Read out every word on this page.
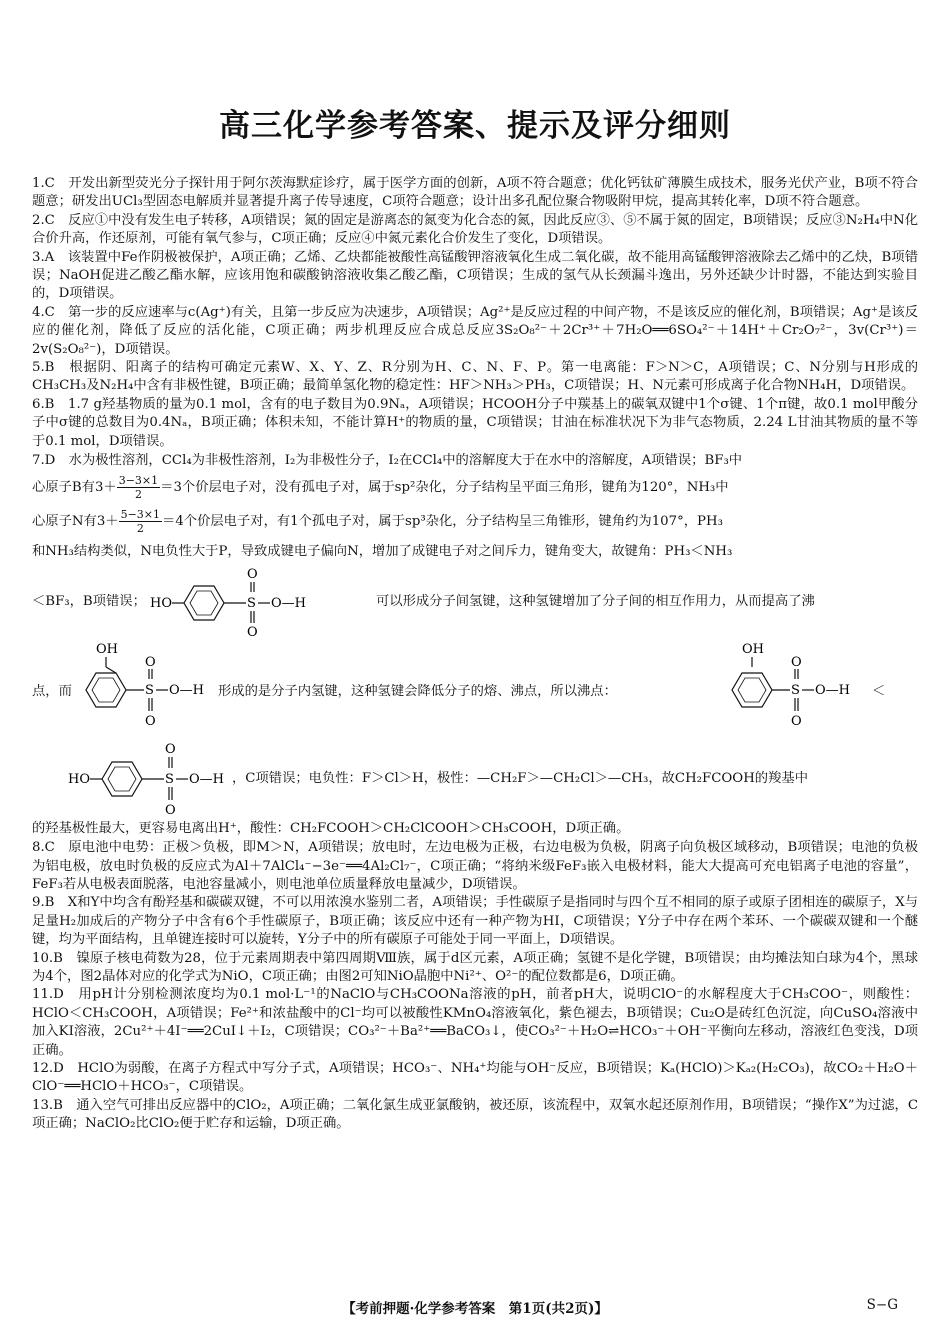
高三化学参考答案、提示及评分细则

1.C　开发出新型荧光分子探针用于阿尔茨海默症诊疗，属于医学方面的创新，A项不符合题意；优化钙钛矿薄膜生成技术，服务光伏产业，B项不符合题意；研发出UCl₃型固态电解质并显著提升离子传导速度，C项符合题意；设计出多孔配位聚合物吸附甲烷，提高其转化率，D项不符合题意。

2.C　反应①中没有发生电子转移，A项错误；氮的固定是游离态的氮变为化合态的氮，因此反应③、⑤不属于氮的固定，B项错误；反应③N₂H₄中N化合价升高，作还原剂，可能有氧气参与，C项正确；反应④中氮元素化合价发生了变化，D项错误。

3.A　该装置中Fe作阴极被保护，A项正确；乙烯、乙炔都能被酸性高锰酸钾溶液氧化生成二氧化碳，故不能用高锰酸钾溶液除去乙烯中的乙炔，B项错误；NaOH促进乙酸乙酯水解，应该用饱和碳酸钠溶液收集乙酸乙酯，C项错误；生成的氢气从长颈漏斗逸出，另外还缺少计时器，不能达到实验目的，D项错误。

4.C　第一步的反应速率与c(Ag⁺)有关，且第一步反应为决速步，A项错误；Ag²⁺是反应过程的中间产物，不是该反应的催化剂，B项错误；Ag⁺是该反应的催化剂，降低了反应的活化能，C项正确；两步机理反应合成总反应3S₂O₈²⁻＋2Cr³⁺＋7H₂O══6SO₄²⁻＋14H⁺＋Cr₂O₇²⁻，3v(Cr³⁺)＝2v(S₂O₈²⁻)，D项错误。

5.B　根据阴、阳离子的结构可确定元素W、X、Y、Z、R分别为H、C、N、F、P。第一电离能：F＞N＞C，A项错误；C、N分别与H形成的CH₃CH₃及N₂H₄中含有非极性键，B项正确；最简单氢化物的稳定性：HF＞NH₃＞PH₃，C项错误；H、N元素可形成离子化合物NH₄H，D项错误。

6.B　1.7 g羟基物质的量为0.1 mol，含有的电子数目为0.9Nₐ，A项错误；HCOOH分子中羰基上的碳氧双键中1个σ键、1个π键，故0.1 mol甲酸分子中σ键的总数目为0.4Nₐ，B项正确；体积未知，不能计算H⁺的物质的量，C项错误；甘油在标准状况下为非气态物质，2.24 L甘油其物质的量不等于0.1 mol，D项错误。

7.D　水为极性溶剂，CCl₄为非极性溶剂，I₂为非极性分子，I₂在CCl₄中的溶解度大于在水中的溶解度，A项错误；BF₃中
心原子B有$3+ \frac{3-3\times 1}{2} =3$个价层电子对，没有孤电子对，属于sp²杂化，分子结构呈平面三角形，键角为120°，NH₃中
心原子N有$3+ \frac{5-3\times 1}{2} =4$个价层电子对，有1个孤电子对，属于sp³杂化，分子结构呈三角锥形，键角约为107°，PH₃
和NH₃结构类似，N电负性大于P，导致成键电子偏向N，增加了成键电子对之间斥力，键角变大，故键角：PH₃＜NH₃
＜BF₃，B项错误； HO	S
O
O
O—H	可以形成分子间氢键，这种氢键增加了分子间的相互作用力，从而提高了沸
点，而
OH
S
O
O
O—H 形成的是分子内氢键，这种氢键会降低分子的熔、沸点，所以沸点：
OH
S
O
O
O—H ＜
HO	S
O
O
O—H ，C项错误；电负性：F＞Cl＞H，极性：—CH₂F＞—CH₂Cl＞—CH₃，故CH₂FCOOH的羧基中
的羟基极性最大，更容易电离出H⁺，酸性：CH₂FCOOH＞CH₂ClCOOH＞CH₃COOH，D项正确。

8.C　原电池中电势：正极＞负极，即M＞N，A项错误；放电时，左边电极为正极，右边电极为负极，阴离子向负极区域移动，B项错误；电池的负极为铝电极，放电时负极的反应式为Al＋7AlCl₄⁻−3e⁻══4Al₂Cl₇⁻，C项正确；“将纳米级FeF₃嵌入电极材料，能大大提高可充电铝离子电池的容量”，FeF₃若从电极表面脱落，电池容量减小，则电池单位质量释放电量减少，D项错误。

9.B　X和Y中均含有酚羟基和碳碳双键，不可以用浓溴水鉴别二者，A项错误；手性碳原子是指同时与四个互不相同的原子或原子团相连的碳原子，X与足量H₂加成后的产物分子中含有6个手性碳原子，B项正确；该反应中还有一种产物为HI，C项错误；Y分子中存在两个苯环、一个碳碳双键和一个醚键，均为平面结构，且单键连接时可以旋转，Y分子中的所有碳原子可能处于同一平面上，D项错误。

10.B　镍原子核电荷数为28，位于元素周期表中第四周期Ⅷ族，属于d区元素，A项正确；氢键不是化学键，B项错误；由均摊法知白球为4个，黑球为4个，图2晶体对应的化学式为NiO，C项正确；由图2可知NiO晶胞中Ni²⁺、O²⁻的配位数都是6，D项正确。

11.D　用pH计分别检测浓度均为0.1 mol·L⁻¹的NaClO与CH₃COONa溶液的pH，前者pH大，说明ClO⁻的水解程度大于CH₃COO⁻，则酸性：HClO＜CH₃COOH，A项错误；Fe²⁺和浓盐酸中的Cl⁻均可以被酸性KMnO₄溶液氧化，紫色褪去，B项错误；Cu₂O是砖红色沉淀，向CuSO₄溶液中加入KI溶液，2Cu²⁺＋4I⁻══2CuI↓＋I₂，C项错误；CO₃²⁻＋Ba²⁺══BaCO₃↓，使CO₃²⁻＋H₂O⇌HCO₃⁻＋OH⁻平衡向左移动，溶液红色变浅，D项正确。

12.D　HClO为弱酸，在离子方程式中写分子式，A项错误；HCO₃⁻、NH₄⁺均能与OH⁻反应，B项错误；Kₐ(HClO)＞Kₐ₂(H₂CO₃)，故CO₂＋H₂O＋ClO⁻══HClO＋HCO₃⁻，C项错误。

13.B　通入空气可排出反应器中的ClO₂，A项正确；二氧化氯生成亚氯酸钠，被还原，该流程中，双氧水起还原剂作用，B项错误；“操作X”为过滤，C项正确；NaClO₂比ClO₂便于贮存和运输，D项正确。

【考前押题·化学参考答案　第1页(共2页)】	S−G
